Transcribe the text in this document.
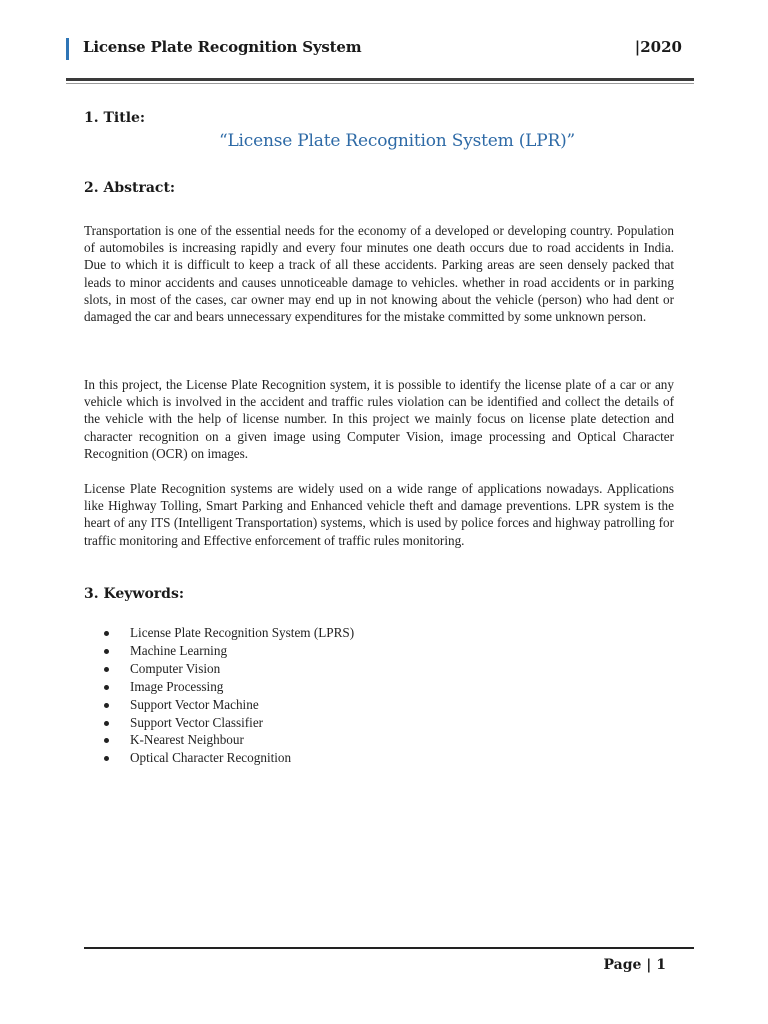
License Plate Recognition System	|2020
1. Title:
“License Plate Recognition System (LPR)”
2. Abstract:
Transportation is one of the essential needs for the economy of a developed or developing country. Population of automobiles is increasing rapidly and every four minutes one death occurs due to road accidents in India. Due to which it is difficult to keep a track of all these accidents. Parking areas are seen densely packed that leads to minor accidents and causes unnoticeable damage to vehicles. whether in road accidents or in parking slots, in most of the cases, car owner may end up in not knowing about the vehicle (person) who had dent or damaged the car and bears unnecessary expenditures for the mistake committed by some unknown person.
In this project, the License Plate Recognition system, it is possible to identify the license plate of a car or any vehicle which is involved in the accident and traffic rules violation can be identified and collect the details of the vehicle with the help of license number. In this project we mainly focus on license plate detection and character recognition on a given image using Computer Vision, image processing and Optical Character Recognition (OCR) on images.
License Plate Recognition systems are widely used on a wide range of applications nowadays. Applications like Highway Tolling, Smart Parking and Enhanced vehicle theft and damage preventions. LPR system is the heart of any ITS (Intelligent Transportation) systems, which is used by police forces and highway patrolling for traffic monitoring and Effective enforcement of traffic rules monitoring.
3. Keywords:
License Plate Recognition System (LPRS)
Machine Learning
Computer Vision
Image Processing
Support Vector Machine
Support Vector Classifier
K-Nearest Neighbour
Optical Character Recognition
Page | 1
